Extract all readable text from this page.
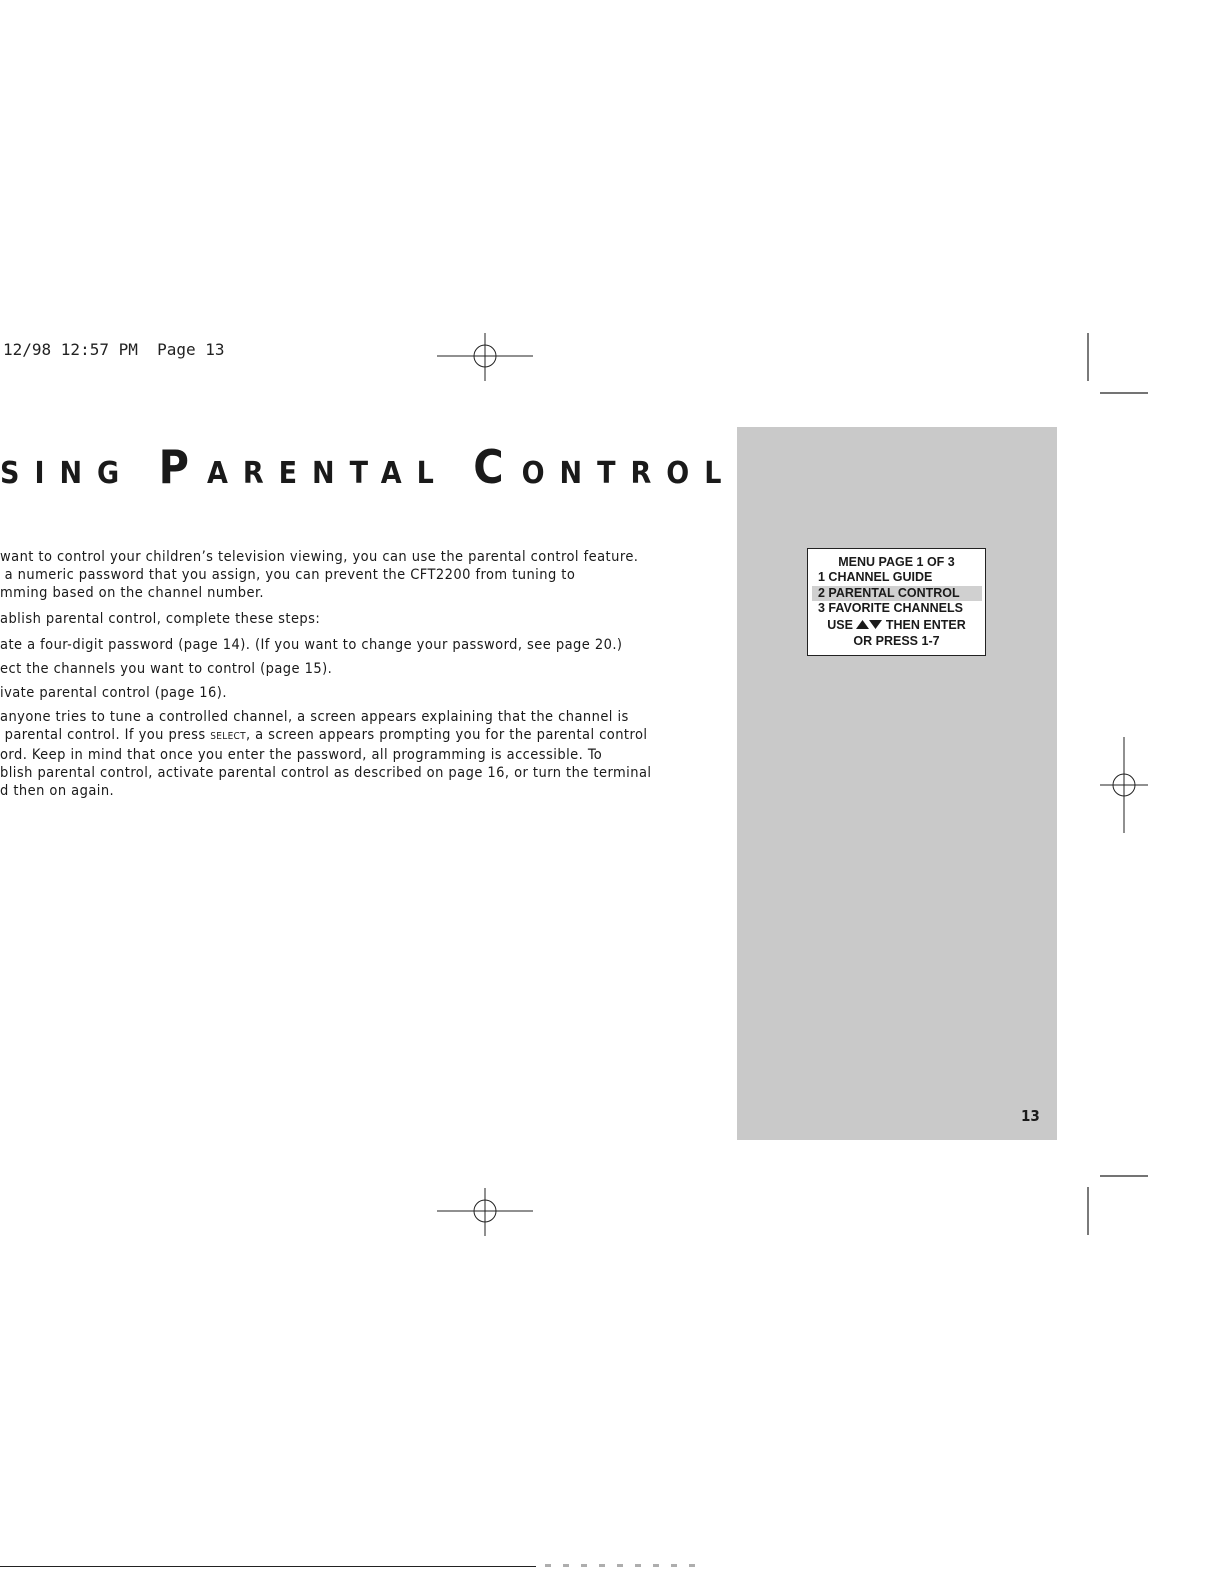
12/98 12:57 PM  Page 13
SING PARENTAL CONTROL
want to control your children’s television viewing, you can use the parental control feature.
a numeric password that you assign, you can prevent the CFT2200 from tuning to
mming based on the channel number.
ablish parental control, complete these steps:
ate a four-digit password (page 14). (If you want to change your password, see page 20.)
ect the channels you want to control (page 15).
ivate parental control (page 16).
anyone tries to tune a controlled channel, a screen appears explaining that the channel is
parental control. If you press SELECT, a screen appears prompting you for the parental control
ord. Keep in mind that once you enter the password, all programming is accessible. To
blish parental control, activate parental control as described on page 16, or turn the terminal
d then on again.
MENU PAGE 1 OF 3
1 CHANNEL GUIDE
2 PARENTAL CONTROL
3 FAVORITE CHANNELS
USE	THEN ENTER
OR PRESS 1-7
13
